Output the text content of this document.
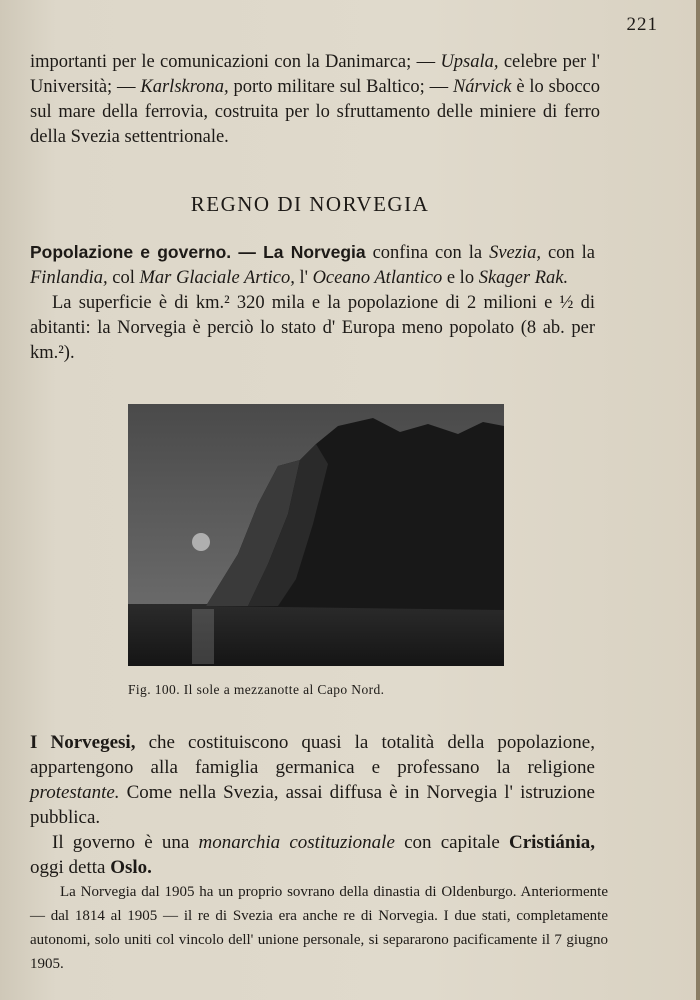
221
importanti per le comunicazioni con la Danimarca; — Upsala, celebre per l' Università; — Karlskrona, porto militare sul Baltico; — Nárvick è lo sbocco sul mare della ferrovia, costruita per lo sfruttamento delle miniere di ferro della Svezia settentrionale.
REGNO DI NORVEGIA

Popolazione e governo. — La Norvegia confina con la Svezia, con la Finlandia, col Mar Glaciale Artico, l' Oceano Atlantico e lo Skager Rak.

La superficie è di km.² 320 mila e la popolazione di 2 milioni e ½ di abitanti: la Norvegia è perciò lo stato d' Europa meno popolato (8 ab. per km.²).

Fig. 100. Il sole a mezzanotte al Capo Nord.

I Norvegesi, che costituiscono quasi la totalità della popolazione, appartengono alla famiglia germanica e professano la religione protestante. Come nella Svezia, assai diffusa è in Norvegia l' istruzione pubblica.

Il governo è una monarchia costituzionale con capitale Cristiánia, oggi detta Oslo.

La Norvegia dal 1905 ha un proprio sovrano della dinastia di Oldenburgo. Anteriormente — dal 1814 al 1905 — il re di Svezia era anche re di Norvegia. I due stati, completamente autonomi, solo uniti col vincolo dell' unione personale, si separarono pacificamente il 7 giugno 1905.
